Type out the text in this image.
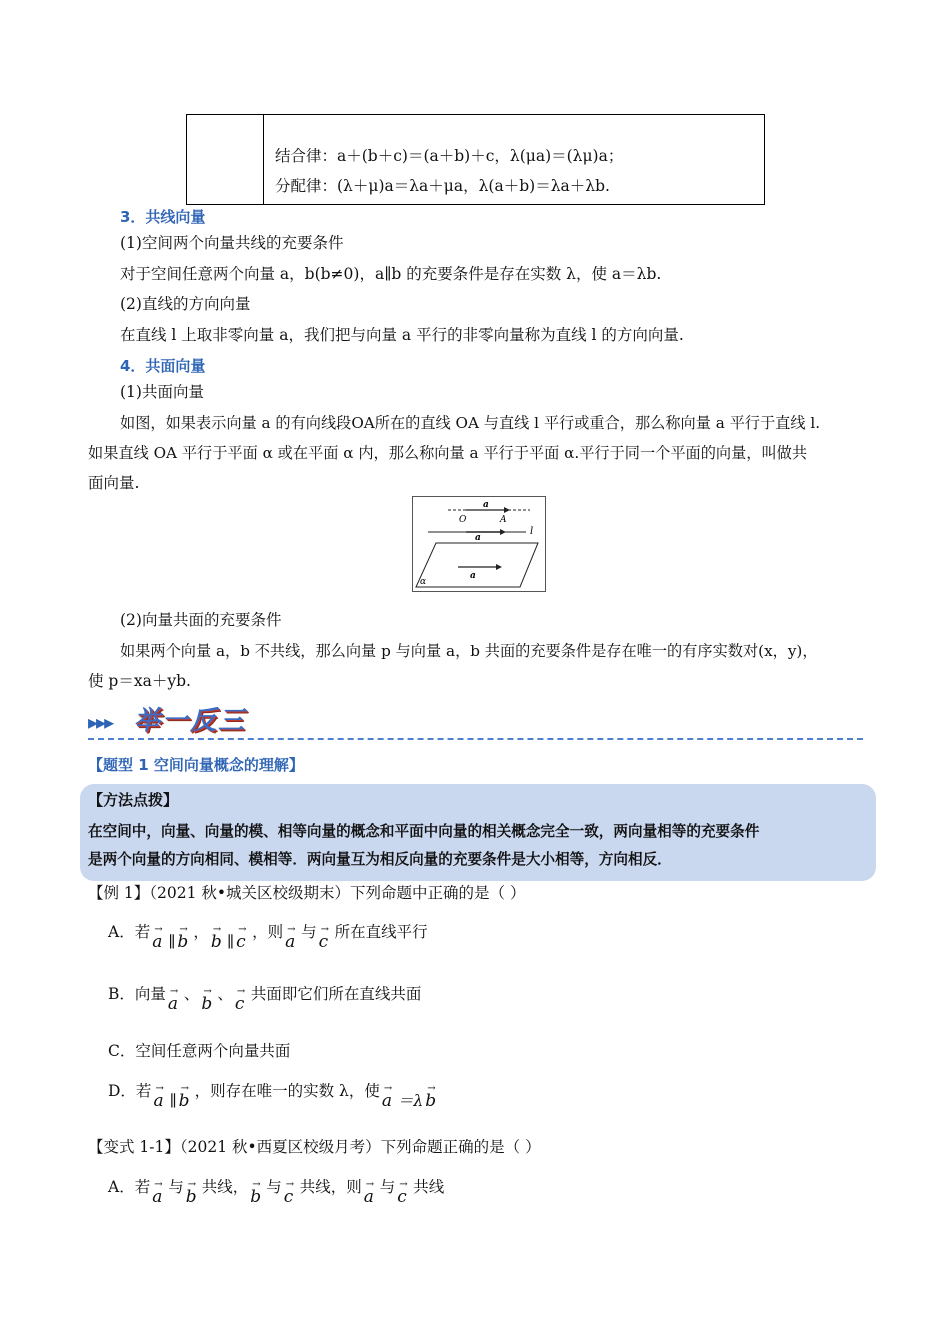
结合律：a＋(b＋c)＝(a＋b)＋c，λ(μa)＝(λμ)a；
分配律：(λ＋μ)a＝λa＋μa，λ(a＋b)＝λa＋λb.
3．共线向量
(1)空间两个向量共线的充要条件
对于空间任意两个向量 a，b(b≠0)，a∥b 的充要条件是存在实数 λ，使 a＝λb.
(2)直线的方向向量
在直线 l 上取非零向量 a，我们把与向量 a 平行的非零向量称为直线 l 的方向向量.
4．共面向量
(1)共面向量
如图，如果表示向量 a 的有向线段OA所在的直线 OA 与直线 l 平行或重合，那么称向量 a 平行于直线 l.
如果直线 OA 平行于平面 α 或在平面 α 内，那么称向量 a 平行于平面 α.平行于同一个平面的向量，叫做共
面向量.
a
O	A
l
a
a
α
(2)向量共面的充要条件
如果两个向量 a，b 不共线，那么向量 p 与向量 a，b 共面的充要条件是存在唯一的有序实数对(x，y)，
使 p＝xa＋yb.
▸▸▸ 举一反三
【题型 1 空间向量概念的理解】
【方法点拨】
在空间中，向量、向量的模、相等向量的概念和平面中向量的相关概念完全一致，两向量相等的充要条件
是两个向量的方向相同、模相等．两向量互为相反向量的充要条件是大小相等，方向相反．
【例 1】（2021 秋•城关区校级期末）下列命题中正确的是（ ）
A．若 →
a ∥
→
b ， →
b ∥
→
c ，则 →
a 与 →
c 所在直线平行
B．向量 →
a 、 →
b 、 →
c 共面即它们所在直线共面
C．空间任意两个向量共面
D．若 →
a ∥
→
b ，则存在唯一的实数 λ，使 →
a ＝λ
→
b
【变式 1-1】（2021 秋•西夏区校级月考）下列命题正确的是（ ）
A．若 →
a 与 →
b 共线， →
b 与 →
c 共线，则 →
a 与 →
c 共线
